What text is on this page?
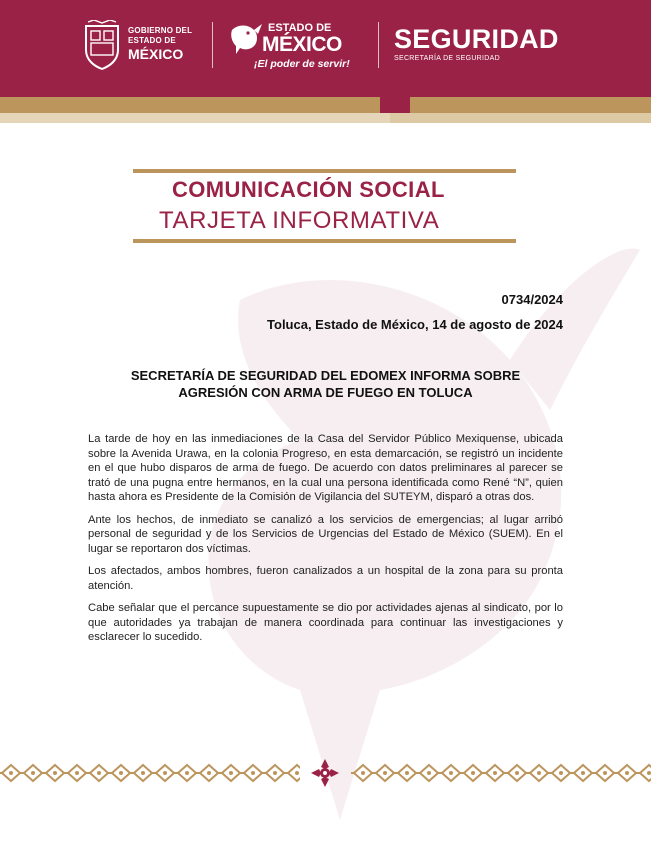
GOBIERNO DEL
ESTADO DE
MÉXICO
ESTADO DE
MÉXICO
¡El poder de servir!
SEGURIDAD
SECRETARÍA DE SEGURIDAD
COMUNICACIÓN SOCIAL
TARJETA INFORMATIVA
0734/2024
Toluca, Estado de México, 14 de agosto de 2024
SECRETARÍA DE SEGURIDAD DEL EDOMEX INFORMA SOBRE
AGRESIÓN CON ARMA DE FUEGO EN TOLUCA

La tarde de hoy en las inmediaciones de la Casa del Servidor Público Mexiquense, ubicada sobre la Avenida Urawa, en la colonia Progreso, en esta demarcación, se registró un incidente en el que hubo disparos de arma de fuego. De acuerdo con datos preliminares al parecer se trató de una pugna entre hermanos, en la cual una persona identificada como René “N”, quien hasta ahora es Presidente de la Comisión de Vigilancia del SUTEYM, disparó a otras dos.

Ante los hechos, de inmediato se canalizó a los servicios de emergencias; al lugar arribó personal de seguridad y de los Servicios de Urgencias del Estado de México (SUEM). En el lugar se reportaron dos víctimas.

Los afectados, ambos hombres, fueron canalizados a un hospital de la zona para su pronta atención.

Cabe señalar que el percance supuestamente se dio por actividades ajenas al sindicato, por lo que autoridades ya trabajan de manera coordinada para continuar las investigaciones y esclarecer lo sucedido.
